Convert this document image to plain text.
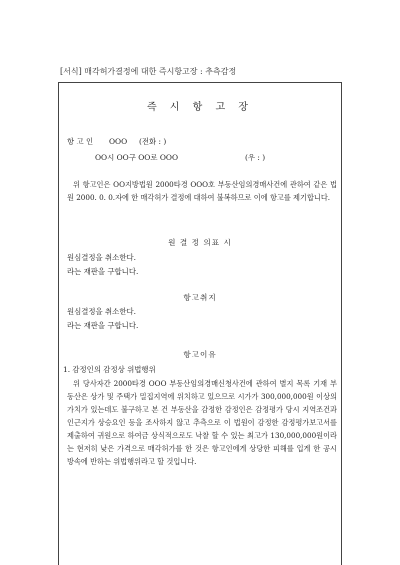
[서식] 매각허가결정에 대한 즉시항고장 : 추측감정
즉 시 항 고 장
항 고 인 OOO (전화 : )
OO시 OO구 OO로 OOO	(우 : )
위 항고인은 OO지방법원 2000타경 OOO호 부동산임의경매사건에 관하여 같은 법원 2000. 0. 0.자에 한 매각허가 결정에 대하여 불복하므로 이에 항고를 제기합니다.
원 결 정 의표 시
원심결정을 취소한다.
라는 재판을 구합니다.
항고취지
원심결정을 취소한다.
라는 재판을 구합니다.
항고이유
1. 감정인의 감정상 위법행위
위 당사자간 2000타경 OOO 부동산임의경매신청사건에 관하여 별지 목록 기재 부동산은 상가 및 주택가 밀집지역에 위치하고 있으므로 시가가 300,000,000원 이상의 가치가 있는데도 불구하고 본 건 부동산을 감정한 감정인은 감정평가 당시 지역조건과 인근지가 상승요인 등을 조사하지 않고 추측으로 이 법원이 감정한 감정평가보고서를 제출하여 귀원으로 하여금 상식적으로도 낙찰 할 수 있는 최고가 130,000,000원이라는 현저히 낮은 가격으로 매각허가를 한 것은 항고인에게 상당한 피해를 입게 한 공시방속에 반하는 위법행위라고 할 것입니다.
